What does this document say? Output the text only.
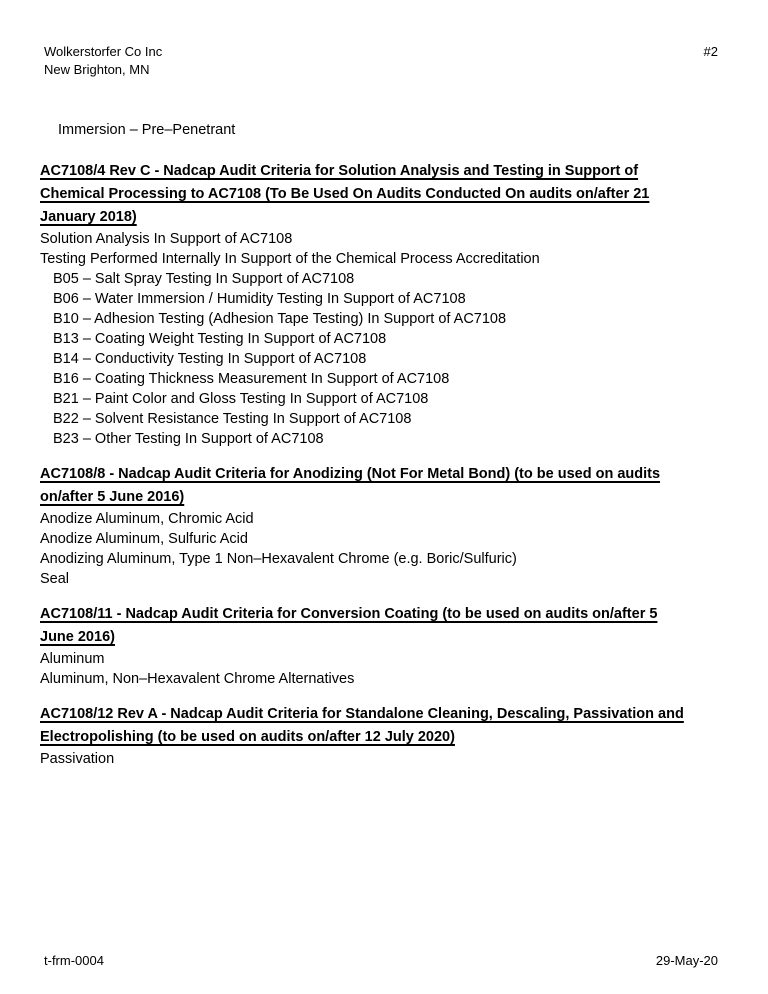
Wolkerstorfer Co Inc
New Brighton, MN
#2
Immersion – Pre–Penetrant
AC7108/4 Rev C - Nadcap Audit Criteria for Solution Analysis and Testing in Support of
Chemical Processing to AC7108 (To Be Used On Audits Conducted On audits on/after 21
January 2018)
Solution Analysis In Support of AC7108
Testing Performed Internally In Support of the Chemical Process Accreditation
B05 – Salt Spray Testing In Support of AC7108
B06 – Water Immersion / Humidity Testing In Support of AC7108
B10 – Adhesion Testing (Adhesion Tape Testing) In Support of AC7108
B13 – Coating Weight Testing In Support of AC7108
B14 – Conductivity Testing In Support of AC7108
B16 – Coating Thickness Measurement In Support of AC7108
B21 – Paint Color and Gloss Testing In Support of AC7108
B22 – Solvent Resistance Testing In Support of AC7108
B23 – Other Testing In Support of AC7108
AC7108/8 - Nadcap Audit Criteria for Anodizing (Not For Metal Bond) (to be used on audits
on/after 5 June 2016)
Anodize Aluminum, Chromic Acid
Anodize Aluminum, Sulfuric Acid
Anodizing Aluminum, Type 1 Non–Hexavalent Chrome (e.g. Boric/Sulfuric)
Seal
AC7108/11 - Nadcap Audit Criteria for Conversion Coating (to be used on audits on/after 5
June 2016)
Aluminum
Aluminum, Non–Hexavalent Chrome Alternatives
AC7108/12 Rev A - Nadcap Audit Criteria for Standalone Cleaning, Descaling, Passivation and
Electropolishing (to be used on audits on/after 12 July 2020)
Passivation
t-frm-0004	29-May-20
